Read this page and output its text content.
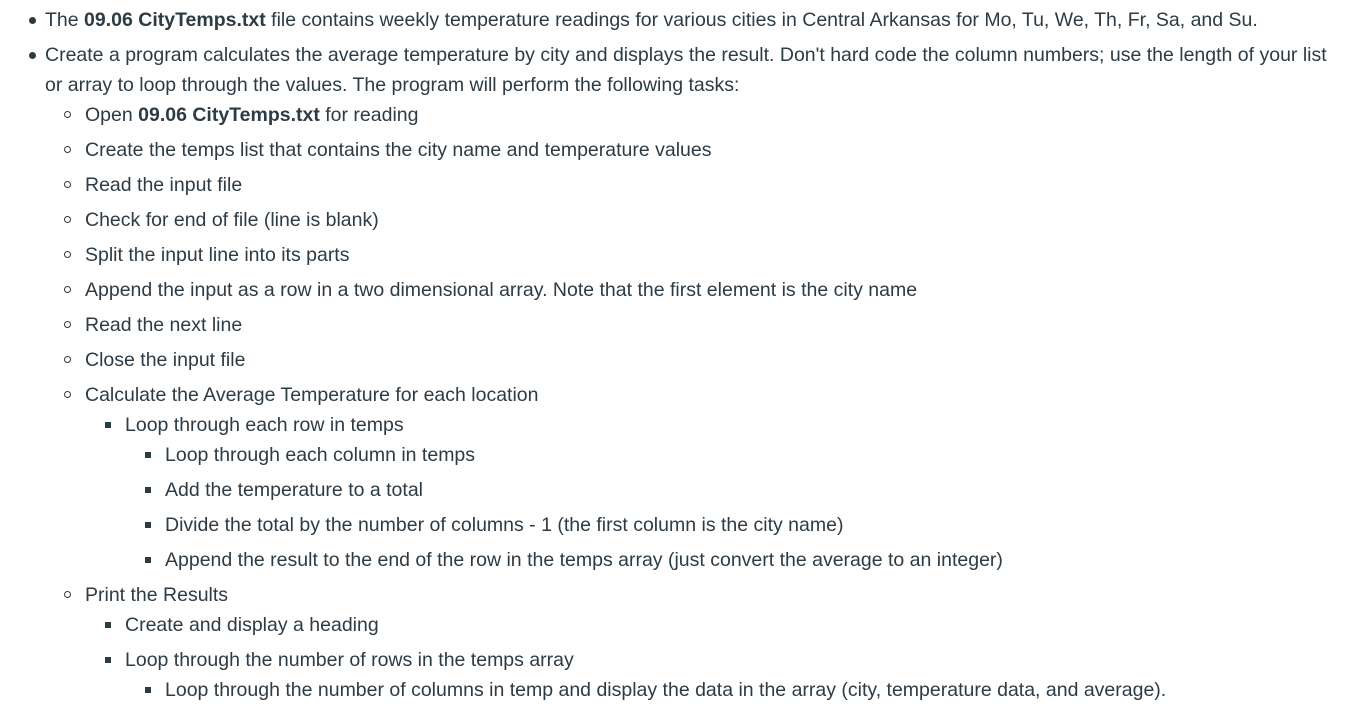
The 09.06 CityTemps.txt file contains weekly temperature readings for various cities in Central Arkansas for Mo, Tu, We, Th, Fr, Sa, and Su.
Create a program calculates the average temperature by city and displays the result. Don't hard code the column numbers; use the length of your list or array to loop through the values. The program will perform the following tasks:
Open 09.06 CityTemps.txt for reading
Create the temps list that contains the city name and temperature values
Read the input file
Check for end of file (line is blank)
Split the input line into its parts
Append the input as a row in a two dimensional array. Note that the first element is the city name
Read the next line
Close the input file
Calculate the Average Temperature for each location
Loop through each row in temps
Loop through each column in temps
Add the temperature to a total
Divide the total by the number of columns - 1 (the first column is the city name)
Append the result to the end of the row in the temps array (just convert the average to an integer)
Print the Results
Create and display a heading
Loop through the number of rows in the temps array
Loop through the number of columns in temp and display the data in the array (city, temperature data, and average).
